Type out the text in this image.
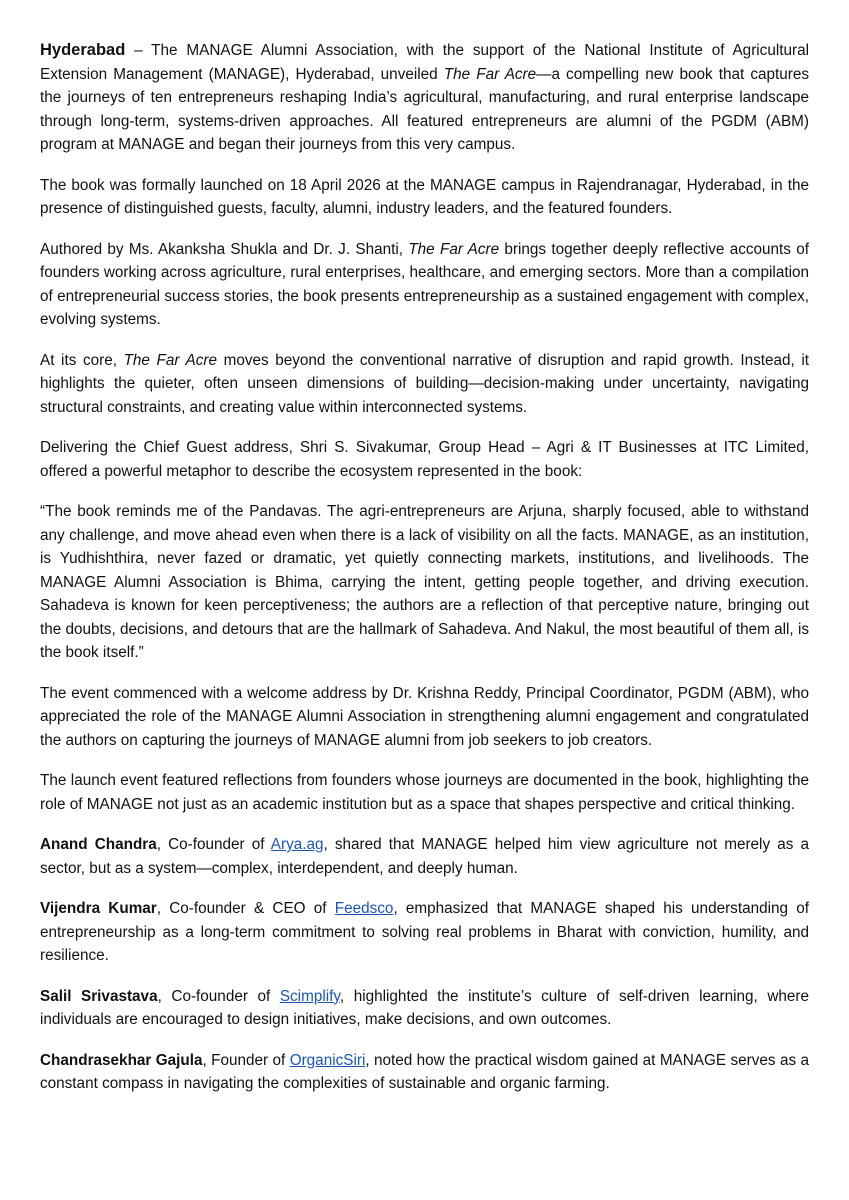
Hyderabad – The MANAGE Alumni Association, with the support of the National Institute of Agricultural Extension Management (MANAGE), Hyderabad, unveiled The Far Acre—a compelling new book that captures the journeys of ten entrepreneurs reshaping India’s agricultural, manufacturing, and rural enterprise landscape through long-term, systems-driven approaches. All featured entrepreneurs are alumni of the PGDM (ABM) program at MANAGE and began their journeys from this very campus.

The book was formally launched on 18 April 2026 at the MANAGE campus in Rajendranagar, Hyderabad, in the presence of distinguished guests, faculty, alumni, industry leaders, and the featured founders.

Authored by Ms. Akanksha Shukla and Dr. J. Shanti, The Far Acre brings together deeply reflective accounts of founders working across agriculture, rural enterprises, healthcare, and emerging sectors. More than a compilation of entrepreneurial success stories, the book presents entrepreneurship as a sustained engagement with complex, evolving systems.

At its core, The Far Acre moves beyond the conventional narrative of disruption and rapid growth. Instead, it highlights the quieter, often unseen dimensions of building—decision-making under uncertainty, navigating structural constraints, and creating value within interconnected systems.

Delivering the Chief Guest address, Shri S. Sivakumar, Group Head – Agri & IT Businesses at ITC Limited, offered a powerful metaphor to describe the ecosystem represented in the book:

“The book reminds me of the Pandavas. The agri-entrepreneurs are Arjuna, sharply focused, able to withstand any challenge, and move ahead even when there is a lack of visibility on all the facts. MANAGE, as an institution, is Yudhishthira, never fazed or dramatic, yet quietly connecting markets, institutions, and livelihoods. The MANAGE Alumni Association is Bhima, carrying the intent, getting people together, and driving execution. Sahadeva is known for keen perceptiveness; the authors are a reflection of that perceptive nature, bringing out the doubts, decisions, and detours that are the hallmark of Sahadeva. And Nakul, the most beautiful of them all, is the book itself.”

The event commenced with a welcome address by Dr. Krishna Reddy, Principal Coordinator, PGDM (ABM), who appreciated the role of the MANAGE Alumni Association in strengthening alumni engagement and congratulated the authors on capturing the journeys of MANAGE alumni from job seekers to job creators.

The launch event featured reflections from founders whose journeys are documented in the book, highlighting the role of MANAGE not just as an academic institution but as a space that shapes perspective and critical thinking.

Anand Chandra, Co-founder of Arya.ag, shared that MANAGE helped him view agriculture not merely as a sector, but as a system—complex, interdependent, and deeply human.

Vijendra Kumar, Co-founder & CEO of Feedsco, emphasized that MANAGE shaped his understanding of entrepreneurship as a long-term commitment to solving real problems in Bharat with conviction, humility, and resilience.

Salil Srivastava, Co-founder of Scimplify, highlighted the institute’s culture of self-driven learning, where individuals are encouraged to design initiatives, make decisions, and own outcomes.

Chandrasekhar Gajula, Founder of OrganicSiri, noted how the practical wisdom gained at MANAGE serves as a constant compass in navigating the complexities of sustainable and organic farming.
